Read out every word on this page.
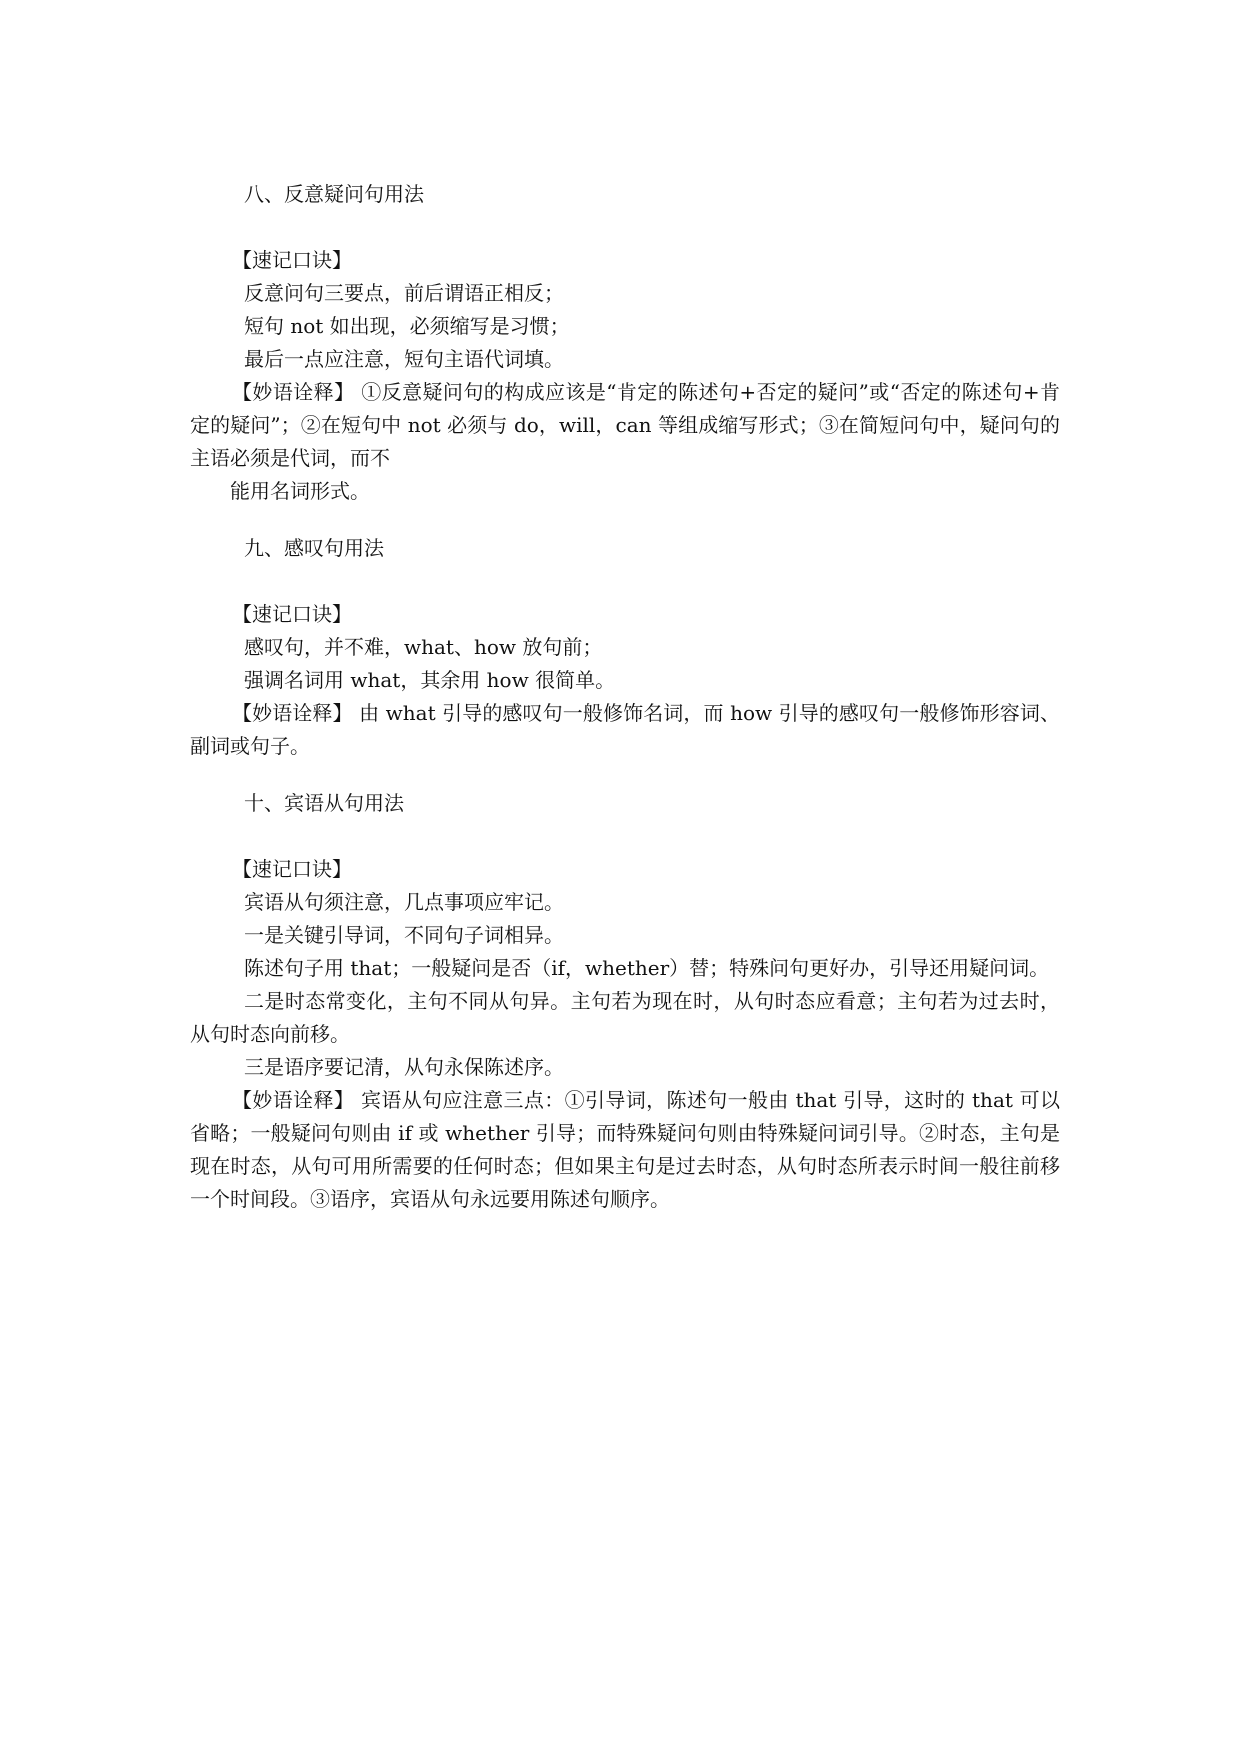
八、反意疑问句用法
【速记口诀】
反意问句三要点，前后谓语正相反；
短句 not 如出现，必须缩写是习惯；
最后一点应注意，短句主语代词填。
【妙语诠释】 ①反意疑问句的构成应该是“肯定的陈述句+否定的疑问”或“否定的陈述句+肯定的疑问”；②在短句中 not 必须与 do，will，can 等组成缩写形式；③在简短问句中，疑问句的主语必须是代词，而不
能用名词形式。
九、感叹句用法
【速记口诀】
感叹句，并不难，what、how 放句前；
强调名词用 what，其余用 how 很简单。
【妙语诠释】 由 what 引导的感叹句一般修饰名词，而 how 引导的感叹句一般修饰形容词、副词或句子。
十、宾语从句用法
【速记口诀】
宾语从句须注意，几点事项应牢记。
一是关键引导词，不同句子词相异。
陈述句子用 that；一般疑问是否（if，whether）替；特殊问句更好办，引导还用疑问词。
二是时态常变化，主句不同从句异。主句若为现在时，从句时态应看意；主句若为过去时，从句时态向前移。
三是语序要记清，从句永保陈述序。
【妙语诠释】 宾语从句应注意三点：①引导词，陈述句一般由 that 引导，这时的 that 可以省略；一般疑问句则由 if 或 whether 引导；而特殊疑问句则由特殊疑问词引导。②时态，主句是现在时态，从句可用所需要的任何时态；但如果主句是过去时态，从句时态所表示时间一般往前移一个时间段。③语序，宾语从句永远要用陈述句顺序。
